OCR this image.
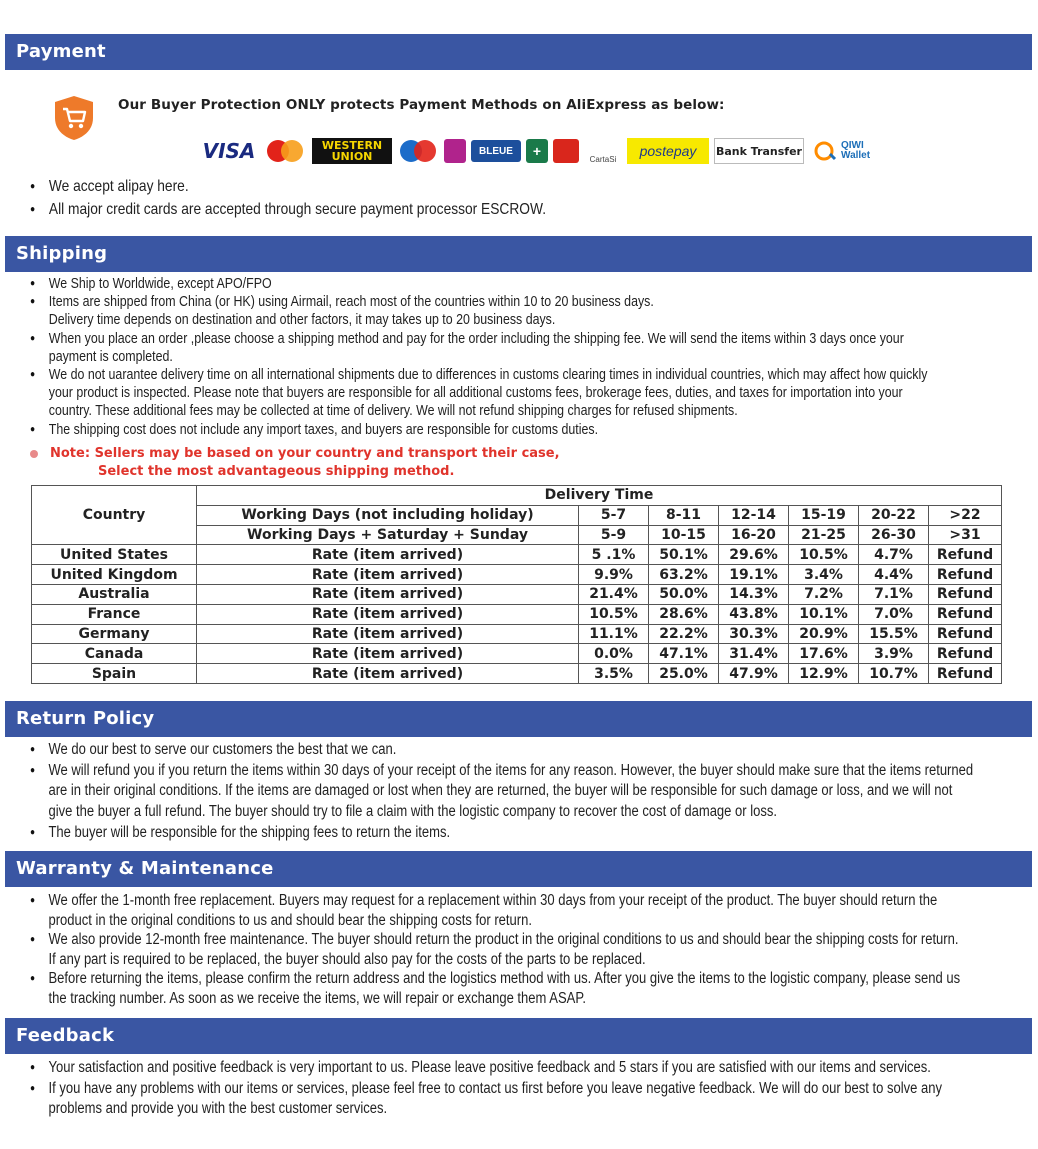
Payment
Our Buyer Protection ONLY protects Payment Methods on AliExpress as below:
VISA	WESTERN UNION	BLEUE	+
CartaSi
postepay	Bank Transfer	QIWI Wallet
● We accept alipay here.
● All major credit cards are accepted through secure payment processor ESCROW.
Shipping
● We Ship to Worldwide, except APO/FPO
● Items are shipped from China (or HK) using Airmail, reach most of the countries within 10 to 20 business days.
Delivery time depends on destination and other factors, it may takes up to 20 business days.
● When you place an order ,please choose a shipping method and pay for the order including the shipping fee. We will send the items within 3 days once your
payment is completed.
● We do not uarantee delivery time on all international shipments due to differences in customs clearing times in individual countries, which may affect how quickly
your product is inspected. Please note that buyers are responsible for all additional customs fees, brokerage fees, duties, and taxes for importation into your
country. These additional fees may be collected at time of delivery. We will not refund shipping charges for refused shipments.
● The shipping cost does not include any import taxes, and buyers are responsible for customs duties.
Note: Sellers may be based on your country and transport their case,
Select the most advantageous shipping method.
Country	Delivery Time						
	Working Days (not including holiday)	5-7	8-11	12-14	15-19	20-22	>22
	Working Days + Saturday + Sunday	5-9	10-15	16-20	21-25	26-30	>31
United States	Rate (item arrived)	5 .1%	50.1%	29.6%	10.5%	4.7%	Refund
United Kingdom	Rate (item arrived)	9.9%	63.2%	19.1%	3.4%	4.4%	Refund
Australia	Rate (item arrived)	21.4%	50.0%	14.3%	7.2%	7.1%	Refund
France	Rate (item arrived)	10.5%	28.6%	43.8%	10.1%	7.0%	Refund
Germany	Rate (item arrived)	11.1%	22.2%	30.3%	20.9%	15.5%	Refund
Canada	Rate (item arrived)	0.0%	47.1%	31.4%	17.6%	3.9%	Refund
Spain	Rate (item arrived)	3.5%	25.0%	47.9%	12.9%	10.7%	Refund
Return Policy
● We do our best to serve our customers the best that we can.
● We will refund you if you return the items within 30 days of your receipt of the items for any reason. However, the buyer should make sure that the items returned
are in their original conditions. If the items are damaged or lost when they are returned, the buyer will be responsible for such damage or loss, and we will not
give the buyer a full refund. The buyer should try to file a claim with the logistic company to recover the cost of damage or loss.
● The buyer will be responsible for the shipping fees to return the items.
Warranty & Maintenance
● We offer the 1-month free replacement. Buyers may request for a replacement within 30 days from your receipt of the product. The buyer should return the
product in the original conditions to us and should bear the shipping costs for return.
● We also provide 12-month free maintenance. The buyer should return the product in the original conditions to us and should bear the shipping costs for return.
If any part is required to be replaced, the buyer should also pay for the costs of the parts to be replaced.
● Before returning the items, please confirm the return address and the logistics method with us. After you give the items to the logistic company, please send us
the tracking number. As soon as we receive the items, we will repair or exchange them ASAP.
Feedback
● Your satisfaction and positive feedback is very important to us. Please leave positive feedback and 5 stars if you are satisfied with our items and services.
● If you have any problems with our items or services, please feel free to contact us first before you leave negative feedback. We will do our best to solve any
problems and provide you with the best customer services.
